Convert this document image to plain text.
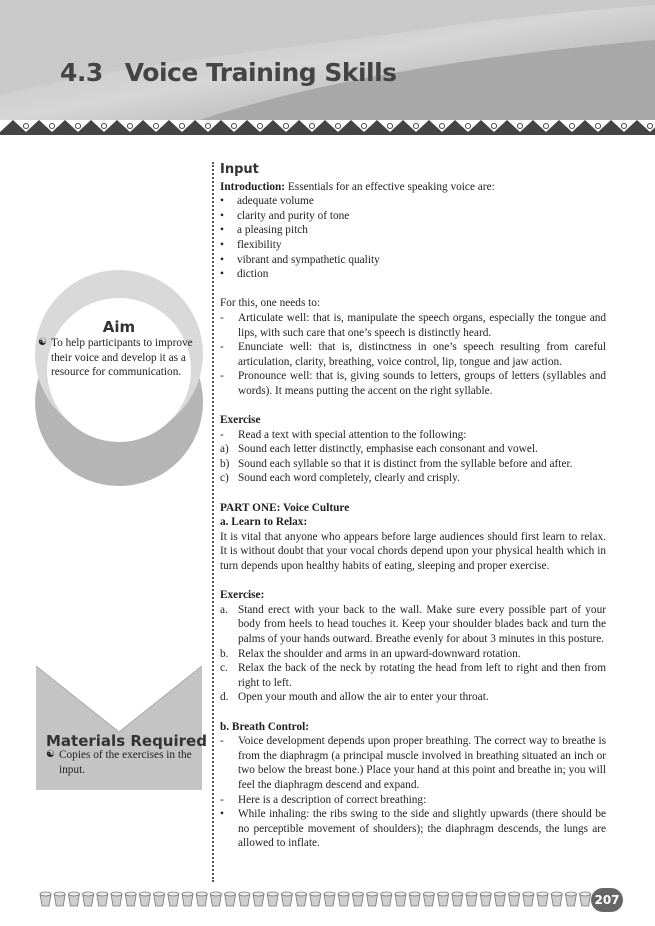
4.3 Voice Training Skills
Aim
☯ To help participants to improve their voice and develop it as a resource for communication.
Materials Required
☯ Copies of the exercises in the input.
Input

Introduction: Essentials for an effective speaking voice are:

•	adequate volume
•	clarity and purity of tone
•	a pleasing pitch
•	flexibility
•	vibrant and sympathetic quality
•	diction

For this, one needs to:

- Articulate well: that is, manipulate the speech organs, especially the tongue and lips, with such care that one’s speech is distinctly heard.
- Enunciate well: that is, distinctness in one’s speech resulting from careful articulation, clarity, breathing, voice control, lip, tongue and jaw action.
- Pronounce well: that is, giving sounds to letters, groups of letters (syllables and words). It means putting the accent on the right syllable.

Exercise

- Read a text with special attention to the following:
a) Sound each letter distinctly, emphasise each consonant and vowel.
b) Sound each syllable so that it is distinct from the syllable before and after.
c) Sound each word completely, clearly and crisply.

PART ONE: Voice Culture

a. Learn to Relax:

It is vital that anyone who appears before large audiences should first learn to relax. It is without doubt that your vocal chords depend upon your physical health which in turn depends upon healthy habits of eating, sleeping and proper exercise.

Exercise:

a. Stand erect with your back to the wall. Make sure every possible part of your body from heels to head touches it. Keep your shoulder blades back and turn the palms of your hands outward. Breathe evenly for about 3 minutes in this posture.
b. Relax the shoulder and arms in an upward-downward rotation.
c. Relax the back of the neck by rotating the head from left to right and then from right to left.
d. Open your mouth and allow the air to enter your throat.

b. Breath Control:

- Voice development depends upon proper breathing. The correct way to breathe is from the diaphragm (a principal muscle involved in breathing situated an inch or two below the breast bone.) Place your hand at this point and breathe in; you will feel the diaphragm descend and expand.
- Here is a description of correct breathing:
• While inhaling: the ribs swing to the side and slightly upwards (there should be no perceptible movement of shoulders); the diaphragm descends, the lungs are allowed to inflate.
207
